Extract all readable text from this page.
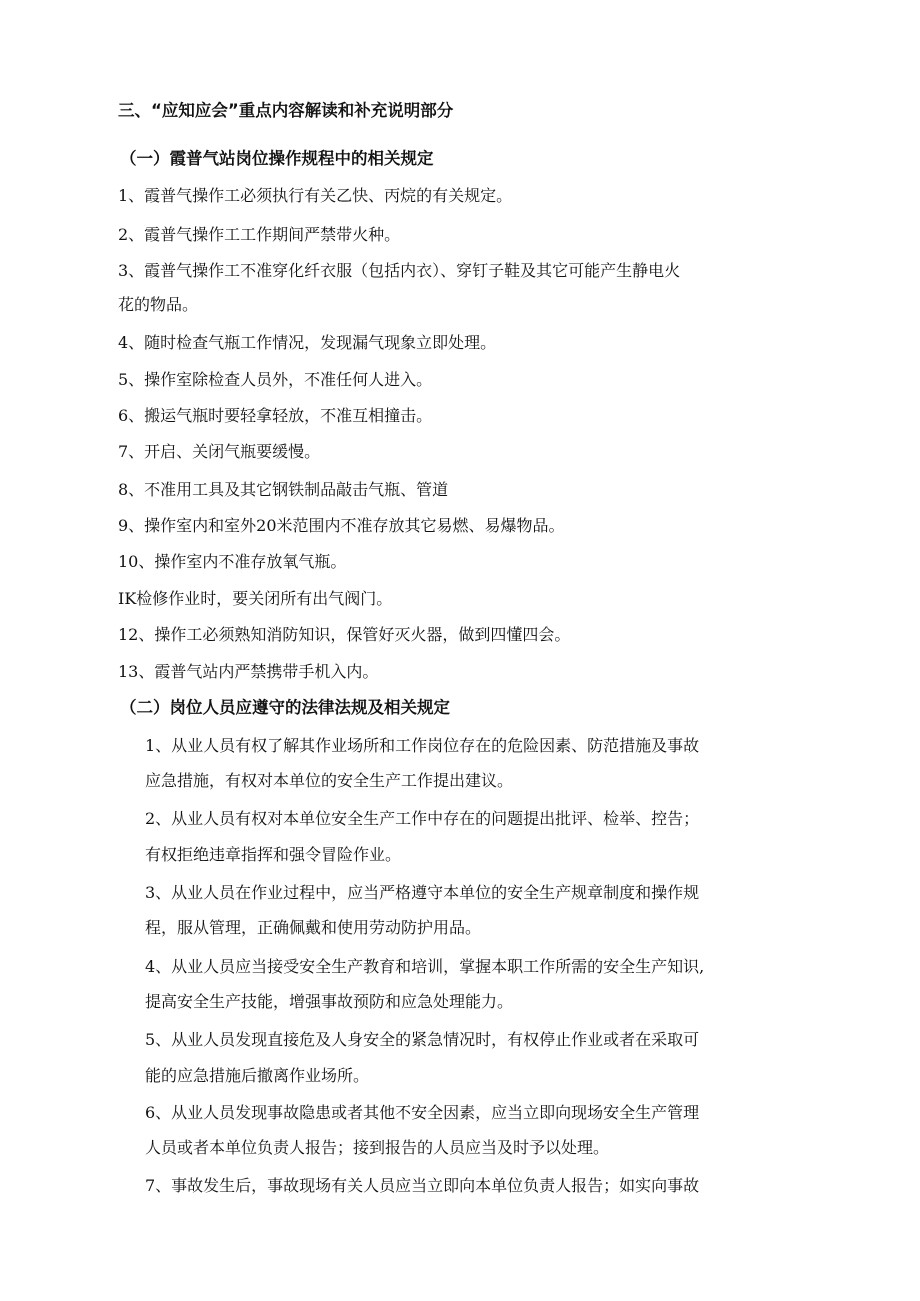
三、“应知应会”重点内容解读和补充说明部分
（一）霞普气站岗位操作规程中的相关规定
1、霞普气操作工必须执行有关乙快、丙烷的有关规定。
2、霞普气操作工工作期间严禁带火种。
3、霞普气操作工不准穿化纤衣服（包括内衣）、穿钉子鞋及其它可能产生静电火
花的物品。
4、随时检查气瓶工作情况，发现漏气现象立即处理。
5、操作室除检查人员外，不准任何人进入。
6、搬运气瓶时要轻拿轻放，不准互相撞击。
7、开启、关闭气瓶要缓慢。
8、不准用工具及其它钢铁制品敲击气瓶、管道
9、操作室内和室外20米范围内不准存放其它易燃、易爆物品。
10、操作室内不准存放氧气瓶。
IK检修作业时，要关闭所有出气阀门。
12、操作工必须熟知消防知识，保管好灭火器，做到四懂四会。
13、霞普气站内严禁携带手机入内。
（二）岗位人员应遵守的法律法规及相关规定
1、从业人员有权了解其作业场所和工作岗位存在的危险因素、防范措施及事故
应急措施，有权对本单位的安全生产工作提出建议。
2、从业人员有权对本单位安全生产工作中存在的问题提出批评、检举、控告；
有权拒绝违章指挥和强令冒险作业。
3、从业人员在作业过程中，应当严格遵守本单位的安全生产规章制度和操作规
程，服从管理，正确佩戴和使用劳动防护用品。
4、从业人员应当接受安全生产教育和培训，掌握本职工作所需的安全生产知识,
提高安全生产技能，增强事故预防和应急处理能力。
5、从业人员发现直接危及人身安全的紧急情况时，有权停止作业或者在采取可
能的应急措施后撤离作业场所。
6、从业人员发现事故隐患或者其他不安全因素，应当立即向现场安全生产管理
人员或者本单位负责人报告；接到报告的人员应当及时予以处理。
7、事故发生后，事故现场有关人员应当立即向本单位负责人报告；如实向事故
